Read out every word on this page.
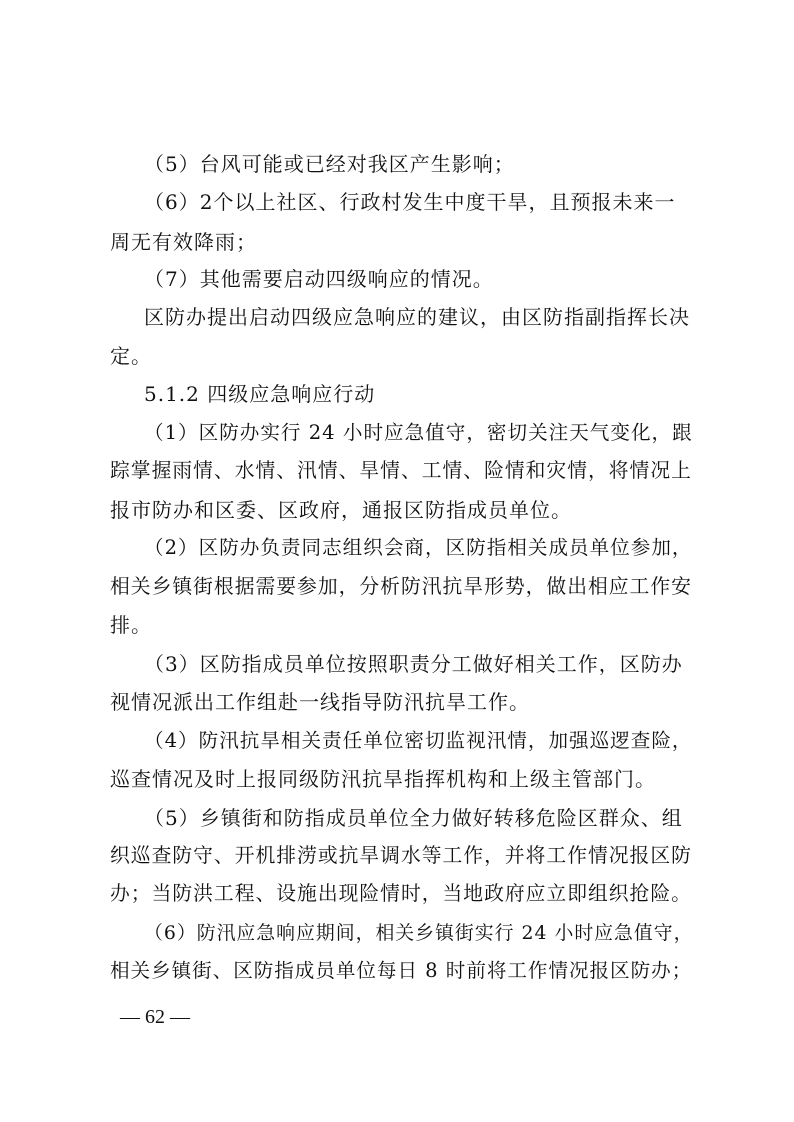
（5）台风可能或已经对我区产生影响；
（6）2个以上社区、行政村发生中度干旱，且预报未来一
周无有效降雨；
（7）其他需要启动四级响应的情况。
区防办提出启动四级应急响应的建议，由区防指副指挥长决
定。
5.1.2 四级应急响应行动
（1）区防办实行 24 小时应急值守，密切关注天气变化，跟
踪掌握雨情、水情、汛情、旱情、工情、险情和灾情，将情况上
报市防办和区委、区政府，通报区防指成员单位。
（2）区防办负责同志组织会商，区防指相关成员单位参加，
相关乡镇街根据需要参加，分析防汛抗旱形势，做出相应工作安
排。
（3）区防指成员单位按照职责分工做好相关工作，区防办
视情况派出工作组赴一线指导防汛抗旱工作。
（4）防汛抗旱相关责任单位密切监视汛情，加强巡逻查险，
巡查情况及时上报同级防汛抗旱指挥机构和上级主管部门。
（5）乡镇街和防指成员单位全力做好转移危险区群众、组
织巡查防守、开机排涝或抗旱调水等工作，并将工作情况报区防
办；当防洪工程、设施出现险情时，当地政府应立即组织抢险。
（6）防汛应急响应期间，相关乡镇街实行 24 小时应急值守，
相关乡镇街、区防指成员单位每日 8 时前将工作情况报区防办；
— 62 —
